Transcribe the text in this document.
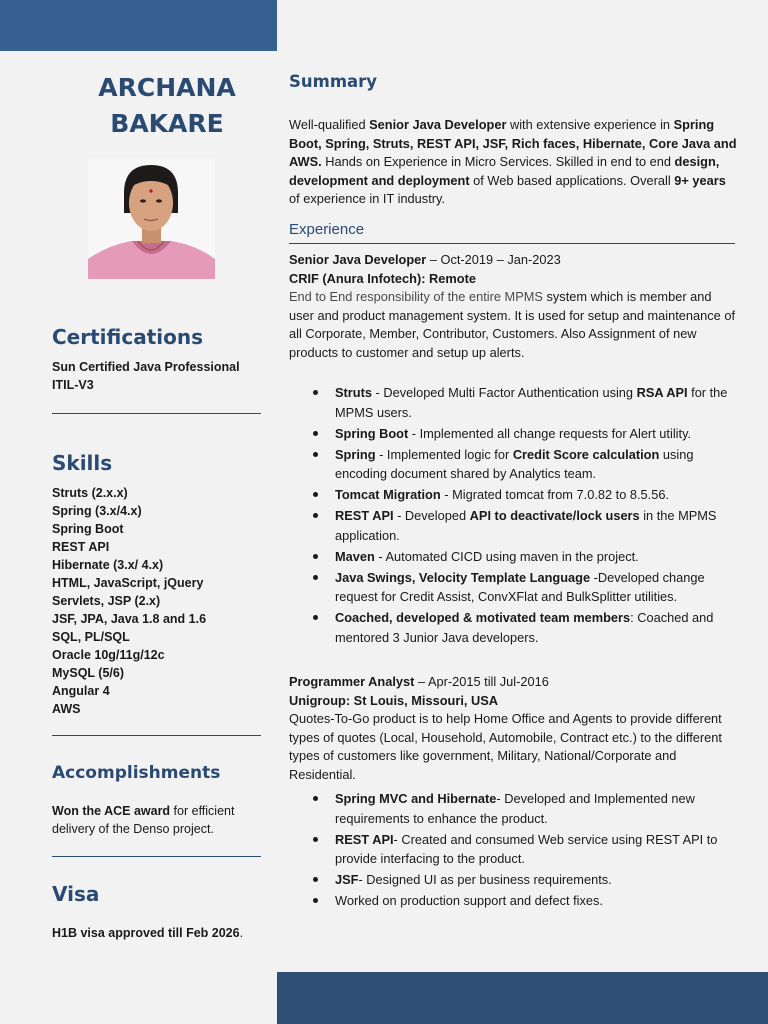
ARCHANA
BAKARE
Certifications
Sun Certified Java Professional
ITIL-V3
Skills
Struts (2.x.x)
Spring (3.x/4.x)
Spring Boot
REST API
Hibernate (3.x/ 4.x)
HTML, JavaScript, jQuery
Servlets, JSP (2.x)
JSF, JPA, Java 1.8 and 1.6
SQL, PL/SQL
Oracle 10g/11g/12c
MySQL (5/6)
Angular 4
AWS
Accomplishments
Won the ACE award for efficient delivery of the Denso project.
Visa
H1B visa approved till Feb 2026.
Summary
Well-qualified Senior Java Developer with extensive experience in Spring Boot, Spring, Struts, REST API, JSF, Rich faces, Hibernate, Core Java and AWS. Hands on Experience in Micro Services. Skilled in end to end design, development and deployment of Web based applications. Overall 9+ years of experience in IT industry.
Experience
Senior Java Developer – Oct-2019 – Jan-2023
CRIF (Anura Infotech): Remote
End to End responsibility of the entire MPMS system which is member and user and product management system. It is used for setup and maintenance of all Corporate, Member, Contributor, Customers. Also Assignment of new products to customer and setup up alerts.
Struts - Developed Multi Factor Authentication using RSA API for the MPMS users.
Spring Boot - Implemented all change requests for Alert utility.
Spring - Implemented logic for Credit Score calculation using encoding document shared by Analytics team.
Tomcat Migration - Migrated tomcat from 7.0.82 to 8.5.56.
REST API - Developed API to deactivate/lock users in the MPMS application.
Maven - Automated CICD using maven in the project.
Java Swings, Velocity Template Language -Developed change request for Credit Assist, ConvXFlat and BulkSplitter utilities.
Coached, developed & motivated team members: Coached and mentored 3 Junior Java developers.
Programmer Analyst – Apr-2015 till Jul-2016
Unigroup: St Louis, Missouri, USA
Quotes-To-Go product is to help Home Office and Agents to provide different types of quotes (Local, Household, Automobile, Contract etc.) to the different types of customers like government, Military, National/Corporate and Residential.
Spring MVC and Hibernate- Developed and Implemented new requirements to enhance the product.
REST API- Created and consumed Web service using REST API to provide interfacing to the product.
JSF- Designed UI as per business requirements.
Worked on production support and defect fixes.
